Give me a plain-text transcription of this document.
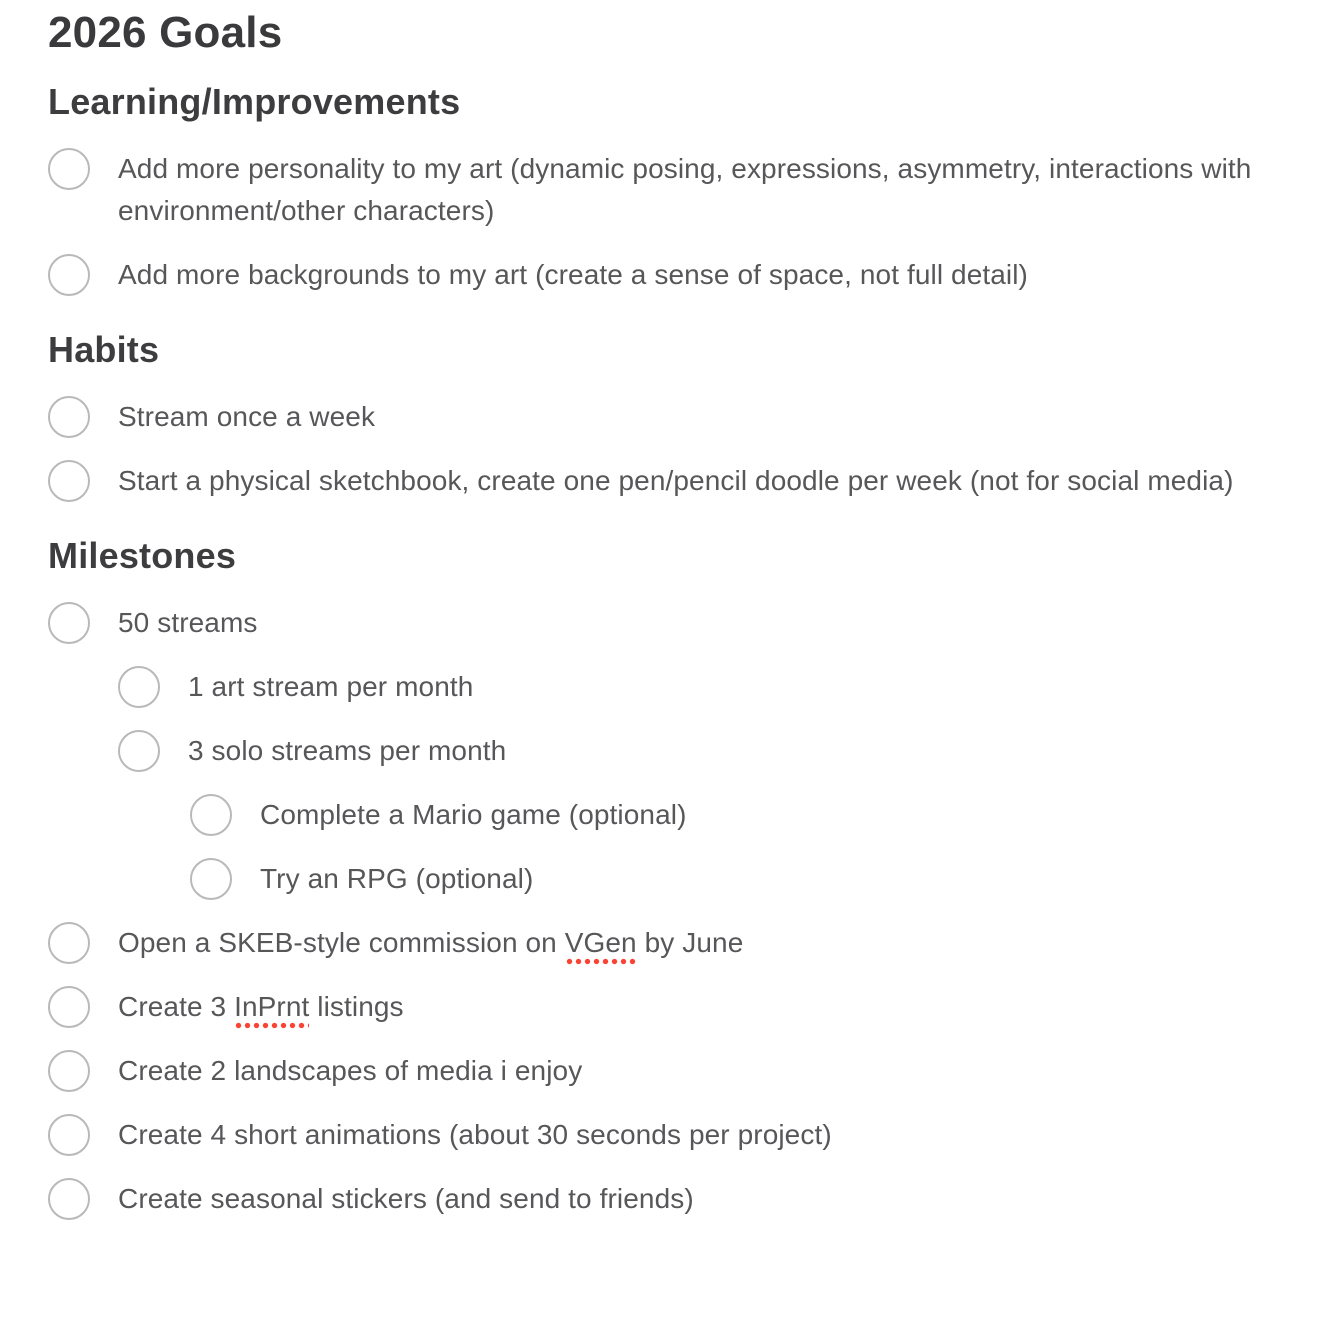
2026 Goals
Learning/Improvements
Add more personality to my art (dynamic posing, expressions, asymmetry, interactions with environment/other characters)
Add more backgrounds to my art (create a sense of space, not full detail)
Habits
Stream once a week
Start a physical sketchbook, create one pen/pencil doodle per week (not for social media)
Milestones
50 streams
1 art stream per month
3 solo streams per month
Complete a Mario game (optional)
Try an RPG (optional)
Open a SKEB-style commission on VGen by June
Create 3 InPrnt listings
Create 2 landscapes of media i enjoy
Create 4 short animations (about 30 seconds per project)
Create seasonal stickers (and send to friends)
